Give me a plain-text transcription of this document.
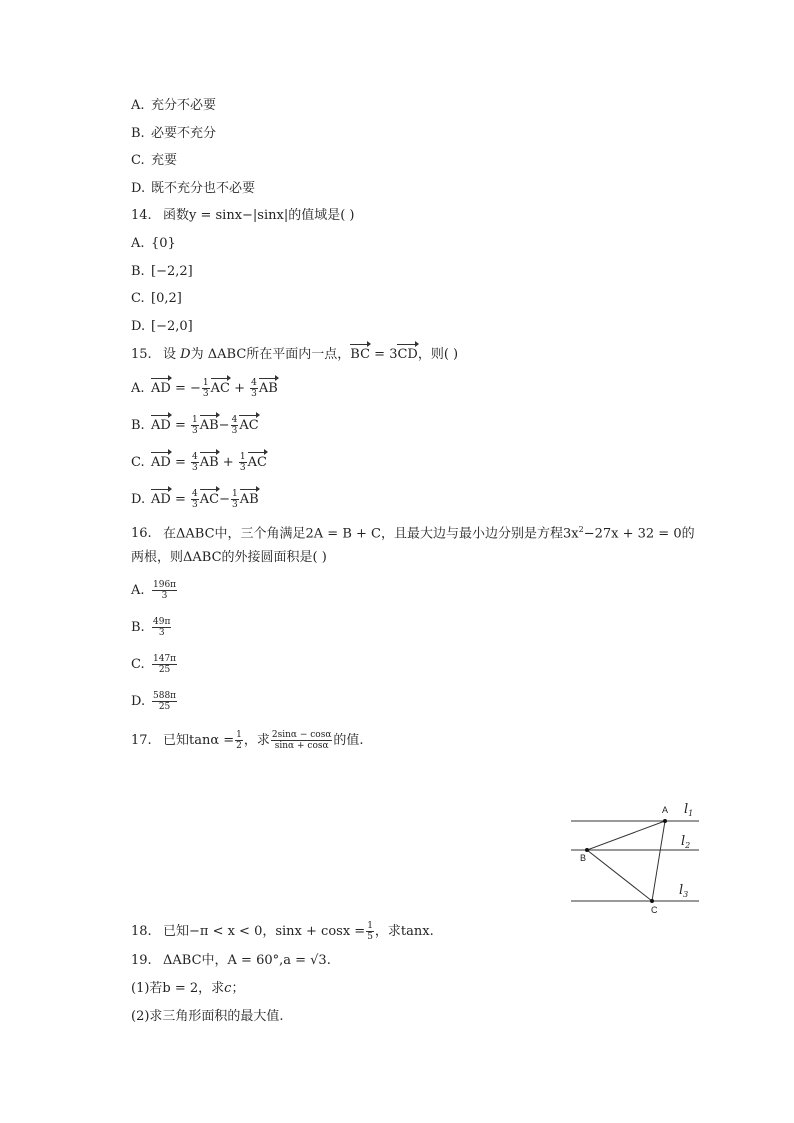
A. 充分不必要
B. 必要不充分
C. 充要
D. 既不充分也不必要
14. 函数y = sinx−|sinx|的值域是( )
A. {0}
B. [−2,2]
C. [0,2]
D. [−2,0]
15. 设 D为 ΔABC所在平面内一点，BC = 3CD，则( )
A. AD = − $\frac{1}{3}$ AC + $\frac{4}{3}$ AB
B. AD = $\frac{1}{3} AB- \frac{4}{3}$ AC
C. AD = $\frac{4}{3}$ AB + $\frac{1}{3}$ AC
D. AD = $\frac{4}{3} AC- \frac{1}{3}$ AB
16. 在ΔABC中，三个角满足2A = B + C，且最大边与最小边分别是方程$3x^2-27x + 32 = 0$的
两根，则ΔABC的外接圆面积是( )
A. $\frac{196\pi}{3}$
B. $\frac{49\pi}{3}$
C. $\frac{147\pi}{25}$
D. $\frac{588\pi}{25}$
17. 已知$\tan\alpha = \frac{1}{2}$ ，求 $\frac{2\sin\alpha - \cos\alpha}{\sin\alpha + \cos\alpha}$ 的值.
A
B
C
$l_1$
$l_2$
$l_3$
18. 已知−π < x < 0，$\sin x + \cos x = \frac{1}{5}$ ，求tanx.
19. ΔABC中，A = 60°,a = √3.
(1)若b = 2，求c；
(2)求三角形面积的最大值.
